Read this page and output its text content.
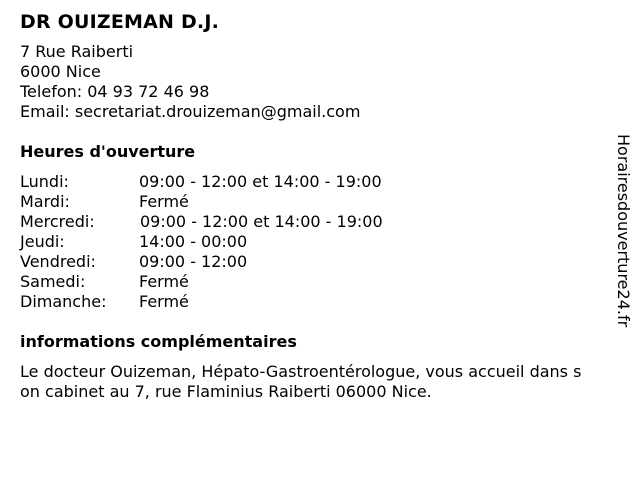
DR OUIZEMAN D.J.
7 Rue Raiberti
6000 Nice
Telefon: 04 93 72 46 98
Email: secretariat.drouizeman@gmail.com
Heures d'ouverture
Lundi:	09:00 - 12:00 et 14:00 - 19:00
Mardi:	Fermé
Mercredi:	09:00 - 12:00 et 14:00 - 19:00
Jeudi:	14:00 - 00:00
Vendredi:	09:00 - 12:00
Samedi:	Fermé
Dimanche: Fermé
informations complémentaires
Le docteur Ouizeman, Hépato-Gastroentérologue, vous accueil dans s
on cabinet au 7, rue Flaminius Raiberti 06000 Nice.
Horairesdouverture24.fr
